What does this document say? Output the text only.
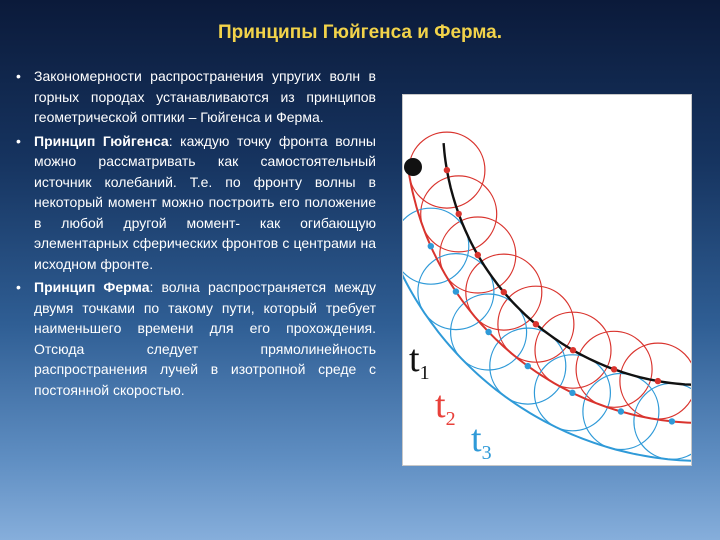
Принципы Гюйгенса и Ферма.
• Закономерности распространения упругих волн в горных породах устанавливаются из принципов геометрической оптики – Гюйгенса и Ферма.
• Принцип Гюйгенса: каждую точку фронта волны можно рассматривать как самостоятельный источник колебаний. Т.е. по фронту волны в некоторый момент можно построить его положение в любой другой момент- как огибающую элементарных сферических фронтов с центрами на исходном фронте.
• Принцип Ферма: волна распространяется между двумя точками по такому пути, который требует наименьшего времени для его прохождения. Отсюда следует прямолинейность распространения лучей в изотропной среде с постоянной скоростью.
$t_1$
$t_2$ $t_3$
